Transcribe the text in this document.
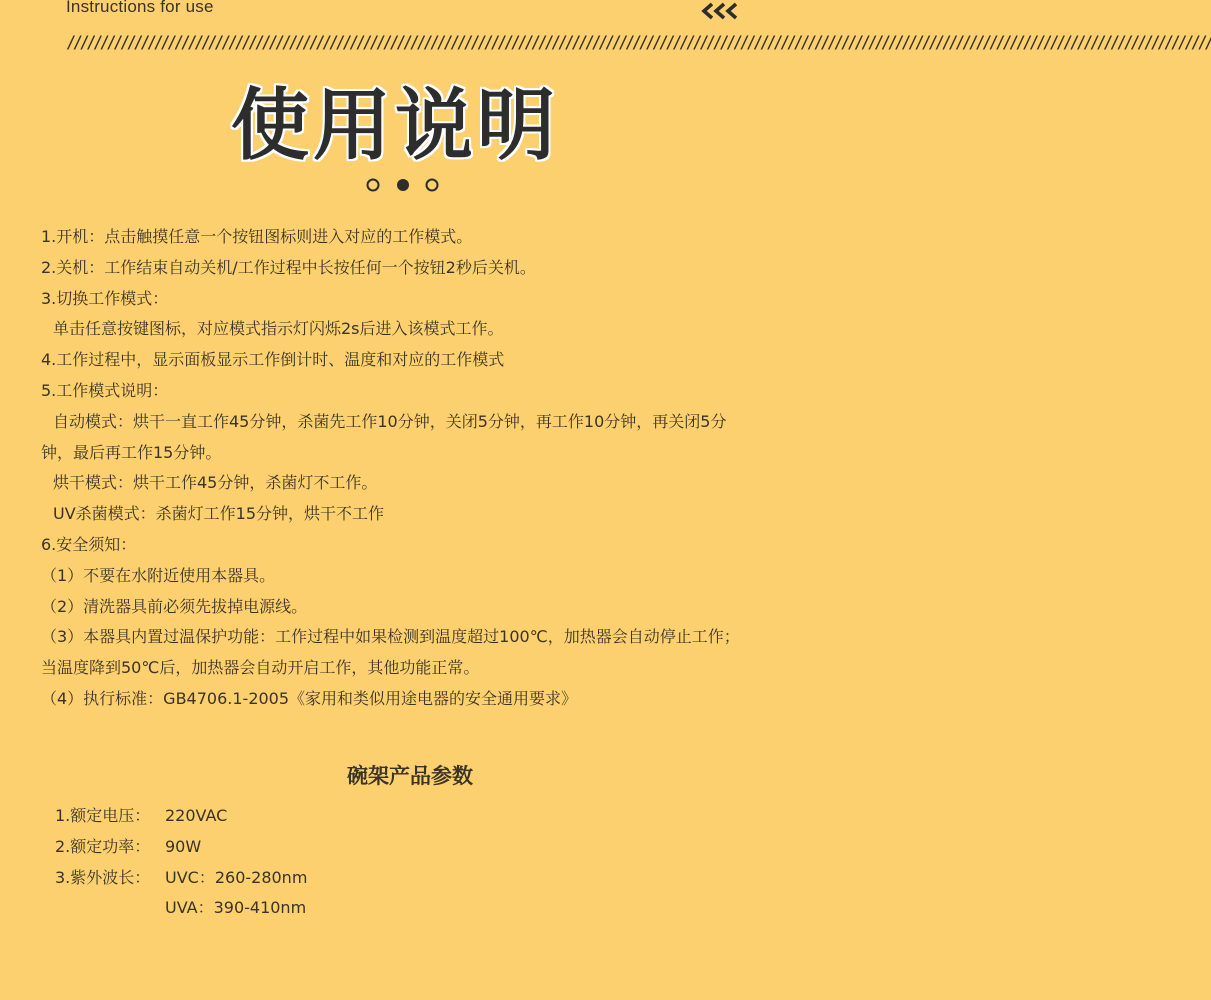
Instructions for use
//////////////////////////////////////////////////////////////////////////////////////////////////////////////////////////////////////////////////////////////////////////
使用说明

1.开机：点击触摸任意一个按钮图标则进入对应的工作模式。

2.关机：工作结束自动关机/工作过程中长按任何一个按钮2秒后关机。

3.切换工作模式：

单击任意按键图标，对应模式指示灯闪烁2s后进入该模式工作。

4.工作过程中，显示面板显示工作倒计时、温度和对应的工作模式

5.工作模式说明：

自动模式：烘干一直工作45分钟，杀菌先工作10分钟，关闭5分钟，再工作10分钟，再关闭5分钟，最后再工作15分钟。

烘干模式：烘干工作45分钟，杀菌灯不工作。

UV杀菌模式：杀菌灯工作15分钟，烘干不工作

6.安全须知：

（1）不要在水附近使用本器具。

（2）清洗器具前必须先拔掉电源线。

（3）本器具内置过温保护功能：工作过程中如果检测到温度超过100℃，加热器会自动停止工作；当温度降到50℃后，加热器会自动开启工作，其他功能正常。

（4）执行标准：GB4706.1-2005《家用和类似用途电器的安全通用要求》

碗架产品参数
1.额定电压： 220VAC
2.额定功率： 90W
3.紫外波长： UVC：260-280nm
UVA：390-410nm
